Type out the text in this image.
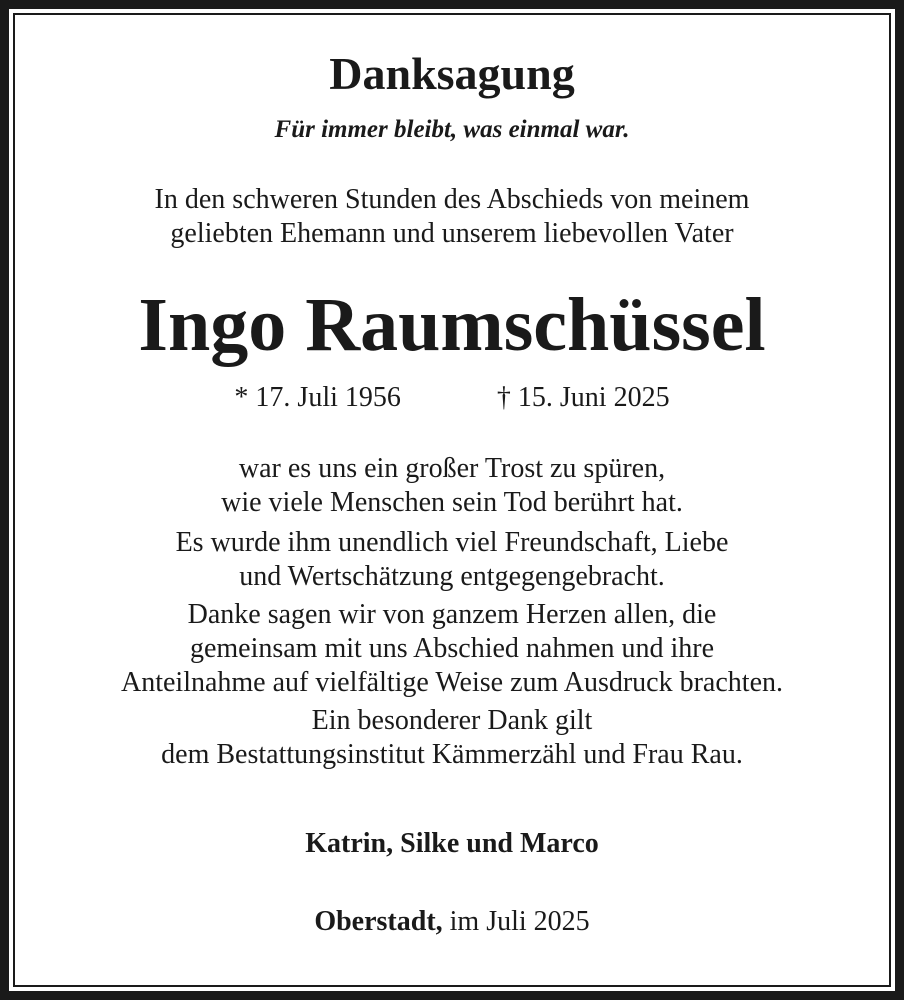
Danksagung
Für immer bleibt, was einmal war.
In den schweren Stunden des Abschieds von meinem
geliebten Ehemann und unserem liebevollen Vater
Ingo Raumschüssel
* 17. Juli 1956	† 15. Juni 2025
war es uns ein großer Trost zu spüren,
wie viele Menschen sein Tod berührt hat.
Es wurde ihm unendlich viel Freundschaft, Liebe
und Wertschätzung entgegengebracht.
Danke sagen wir von ganzem Herzen allen, die
gemeinsam mit uns Abschied nahmen und ihre
Anteilnahme auf vielfältige Weise zum Ausdruck brachten.
Ein besonderer Dank gilt
dem Bestattungsinstitut Kämmerzähl und Frau Rau.
Katrin, Silke und Marco
Oberstadt, im Juli 2025
